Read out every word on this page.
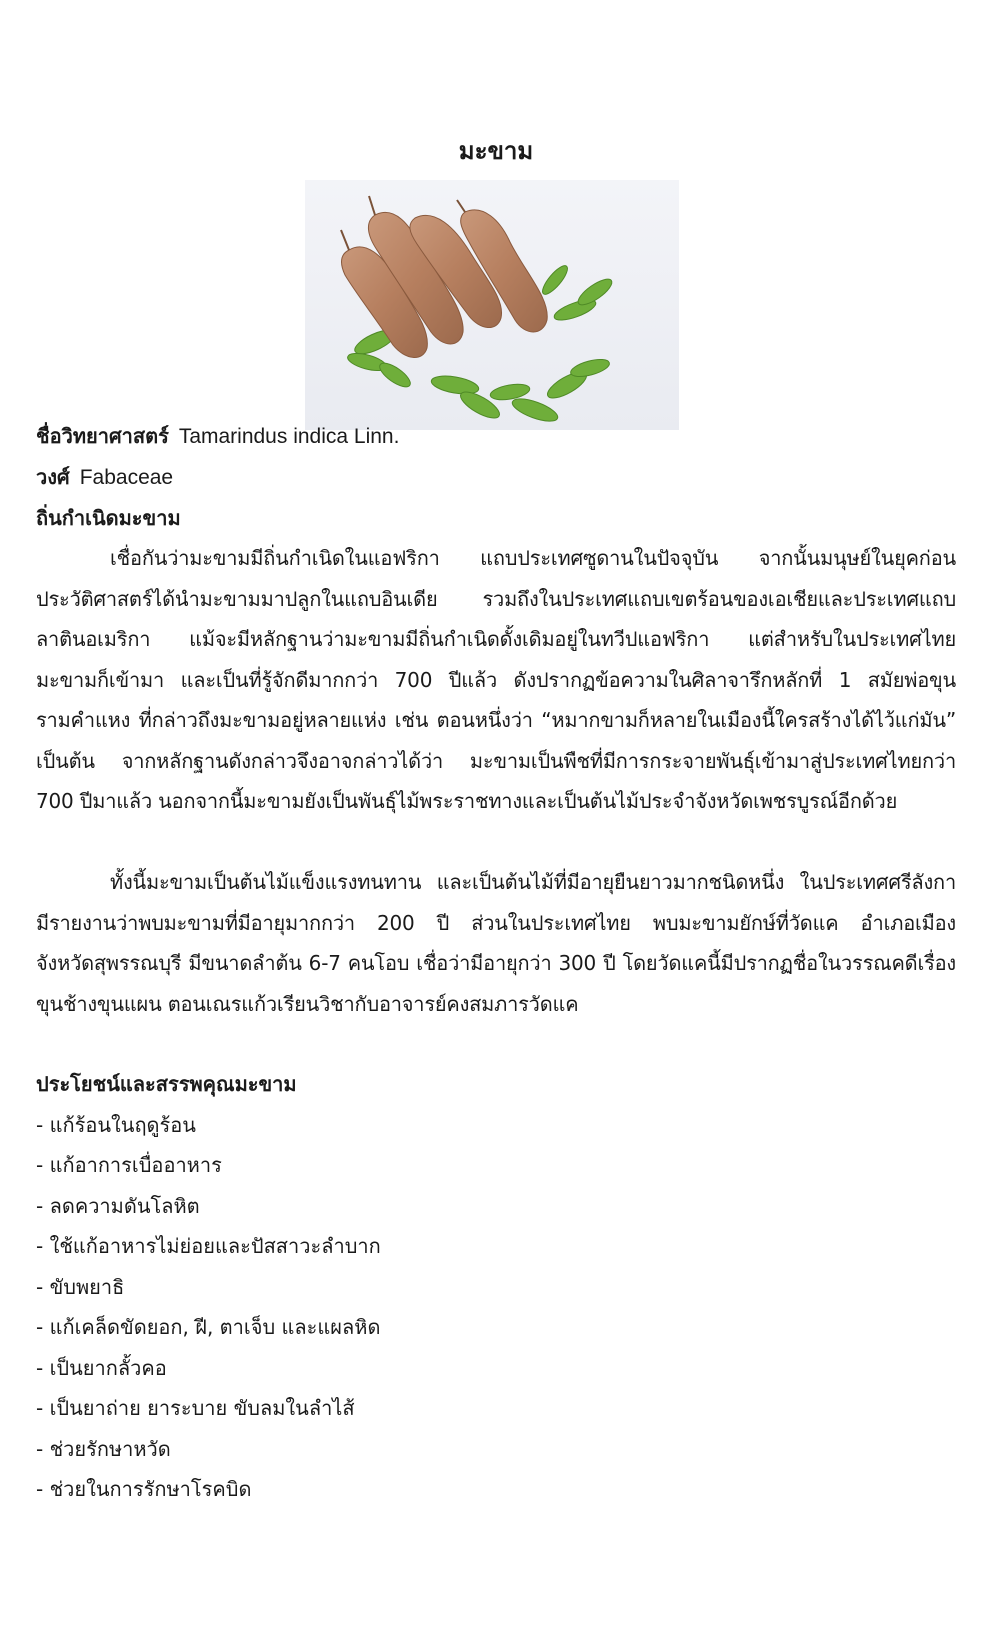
มะขาม
ชื่อวิทยาศาสตร์ Tamarindus indica Linn.
วงศ์ Fabaceae
ถิ่นกำเนิดมะขาม
เชื่อกันว่ามะขามมีถิ่นกำเนิดในแอฟริกา แถบประเทศซูดานในปัจจุบัน จากนั้นมนุษย์ในยุคก่อน
ประวัติศาสตร์ได้นำมะขามมาปลูกในแถบอินเดีย รวมถึงในประเทศแถบเขตร้อนของเอเชียและประเทศแถบ
ลาตินอเมริกา แม้จะมีหลักฐานว่ามะขามมีถิ่นกำเนิดดั้งเดิมอยู่ในทวีปแอฟริกา แต่สำหรับในประเทศไทย
มะขามก็เข้ามา และเป็นที่รู้จักดีมากกว่า 700 ปีแล้ว ดังปรากฏข้อความในศิลาจารึกหลักที่ 1 สมัยพ่อขุน
รามคำแหง ที่กล่าวถึงมะขามอยู่หลายแห่ง เช่น ตอนหนึ่งว่า “หมากขามก็หลายในเมืองนี้ใครสร้างได้ไว้แก่มัน”
เป็นต้น จากหลักฐานดังกล่าวจึงอาจกล่าวได้ว่า มะขามเป็นพืชที่มีการกระจายพันธุ์เข้ามาสู่ประเทศไทยกว่า
700 ปีมาแล้ว นอกจากนี้มะขามยังเป็นพันธุ์ไม้พระราชทางและเป็นต้นไม้ประจำจังหวัดเพชรบูรณ์อีกด้วย
ทั้งนี้มะขามเป็นต้นไม้แข็งแรงทนทาน และเป็นต้นไม้ที่มีอายุยืนยาวมากชนิดหนึ่ง ในประเทศศรีลังกา
มีรายงานว่าพบมะขามที่มีอายุมากกว่า 200 ปี ส่วนในประเทศไทย พบมะขามยักษ์ที่วัดแค อำเภอเมือง
จังหวัดสุพรรณบุรี มีขนาดลำต้น 6-7 คนโอบ เชื่อว่ามีอายุกว่า 300 ปี โดยวัดแคนี้มีปรากฏชื่อในวรรณคดีเรื่อง
ขุนช้างขุนแผน ตอนเณรแก้วเรียนวิชากับอาจารย์คงสมภารวัดแค
ประโยชน์และสรรพคุณมะขาม
- แก้ร้อนในฤดูร้อน
- แก้อาการเบื่ออาหาร
- ลดความดันโลหิต
- ใช้แก้อาหารไม่ย่อยและปัสสาวะลำบาก
- ขับพยาธิ
- แก้เคล็ดขัดยอก, ฝี, ตาเจ็บ และแผลหิด
- เป็นยากลั้วคอ
- เป็นยาถ่าย ยาระบาย ขับลมในลำไส้
- ช่วยรักษาหวัด
- ช่วยในการรักษาโรคบิด
